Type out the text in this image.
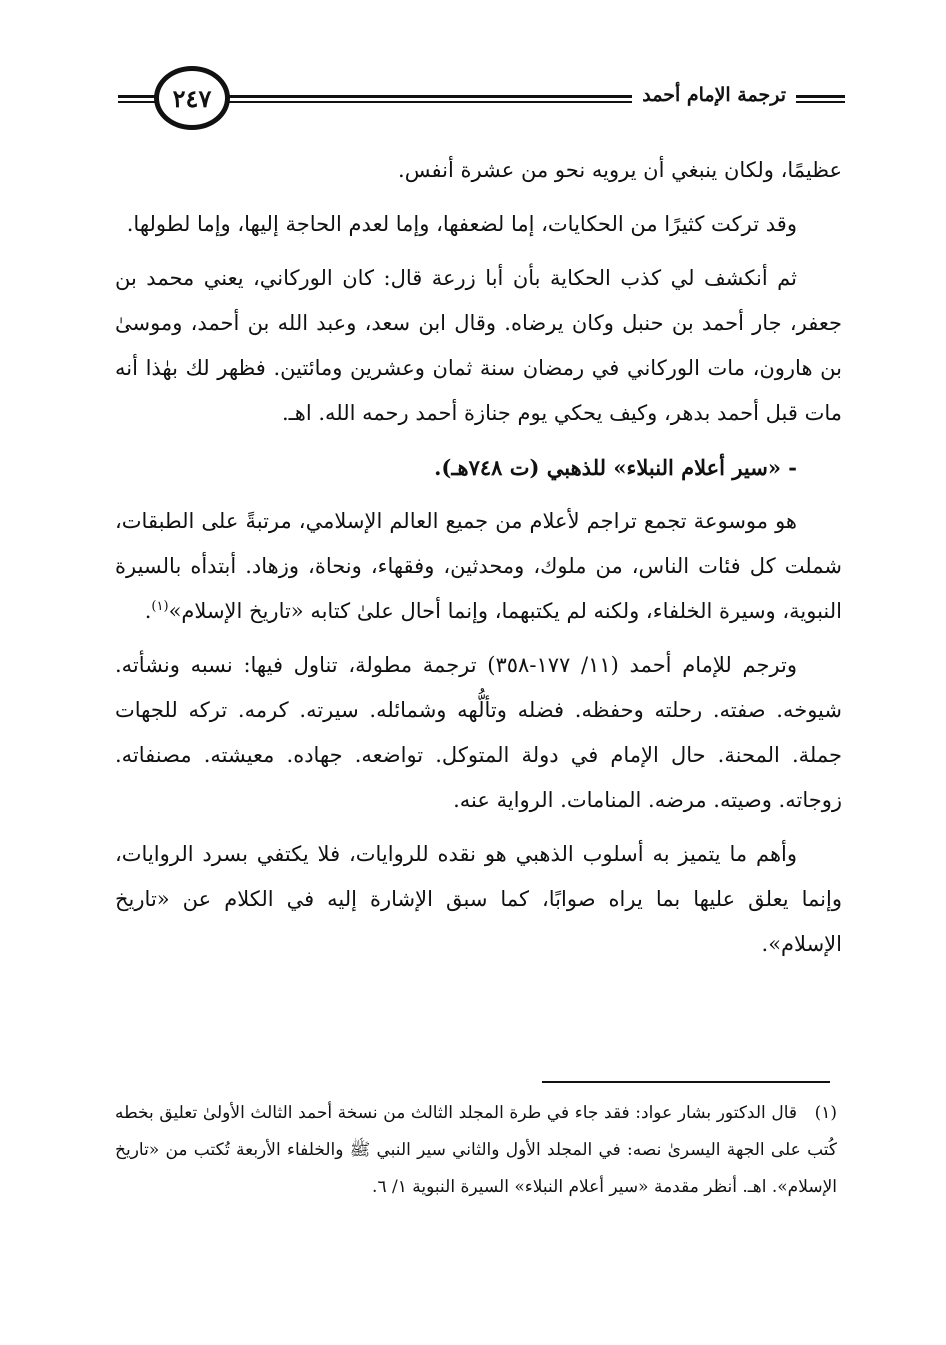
ترجمة الإمام أحمد
٢٤٧

عظيمًا، ولكان ينبغي أن يرويه نحو من عشرة أنفس.

وقد تركت كثيرًا من الحكايات، إما لضعفها، وإما لعدم الحاجة إليها، وإما لطولها.

ثم أنكشف لي كذب الحكاية بأن أبا زرعة قال: كان الوركاني، يعني محمد بن جعفر، جار أحمد بن حنبل وكان يرضاه. وقال ابن سعد، وعبد الله بن أحمد، وموسىٰ بن هارون، مات الوركاني في رمضان سنة ثمان وعشرين ومائتين. فظهر لك بهٰذا أنه مات قبل أحمد بدهر، وكيف يحكي يوم جنازة أحمد رحمه الله. اهـ.

- «سير أعلام النبلاء» للذهبي (ت ٧٤٨هـ).

هو موسوعة تجمع تراجم لأعلام من جميع العالم الإسلامي، مرتبةً على الطبقات، شملت كل فئات الناس، من ملوك، ومحدثين، وفقهاء، ونحاة، وزهاد. أبتدأه بالسيرة النبوية، وسيرة الخلفاء، ولكنه لم يكتبهما، وإنما أحال علىٰ كتابه «تاريخ الإسلام»$^{(١)}$.

وترجم للإمام أحمد (١١/ ١٧٧-٣٥٨) ترجمة مطولة، تناول فيها: نسبه ونشأته. شيوخه. صفته. رحلته وحفظه. فضله وتألُّهه وشمائله. سيرته. كرمه. تركه للجهات جملة. المحنة. حال الإمام في دولة المتوكل. تواضعه. جهاده. معيشته. مصنفاته. زوجاته. وصيته. مرضه. المنامات. الرواية عنه.

وأهم ما يتميز به أسلوب الذهبي هو نقده للروايات، فلا يكتفي بسرد الروايات، وإنما يعلق عليها بما يراه صوابًا، كما سبق الإشارة إليه في الكلام عن «تاريخ الإسلام».

(١)قال الدكتور بشار عواد: فقد جاء في طرة المجلد الثالث من نسخة أحمد الثالث الأولىٰ تعليق بخطه كُتب على الجهة اليسرىٰ نصه: في المجلد الأول والثاني سير النبي ﷺ والخلفاء الأربعة تُكتب من «تاريخ الإسلام». اهـ. أنظر مقدمة «سير أعلام النبلاء» السيرة النبوية ١/ ٦.
